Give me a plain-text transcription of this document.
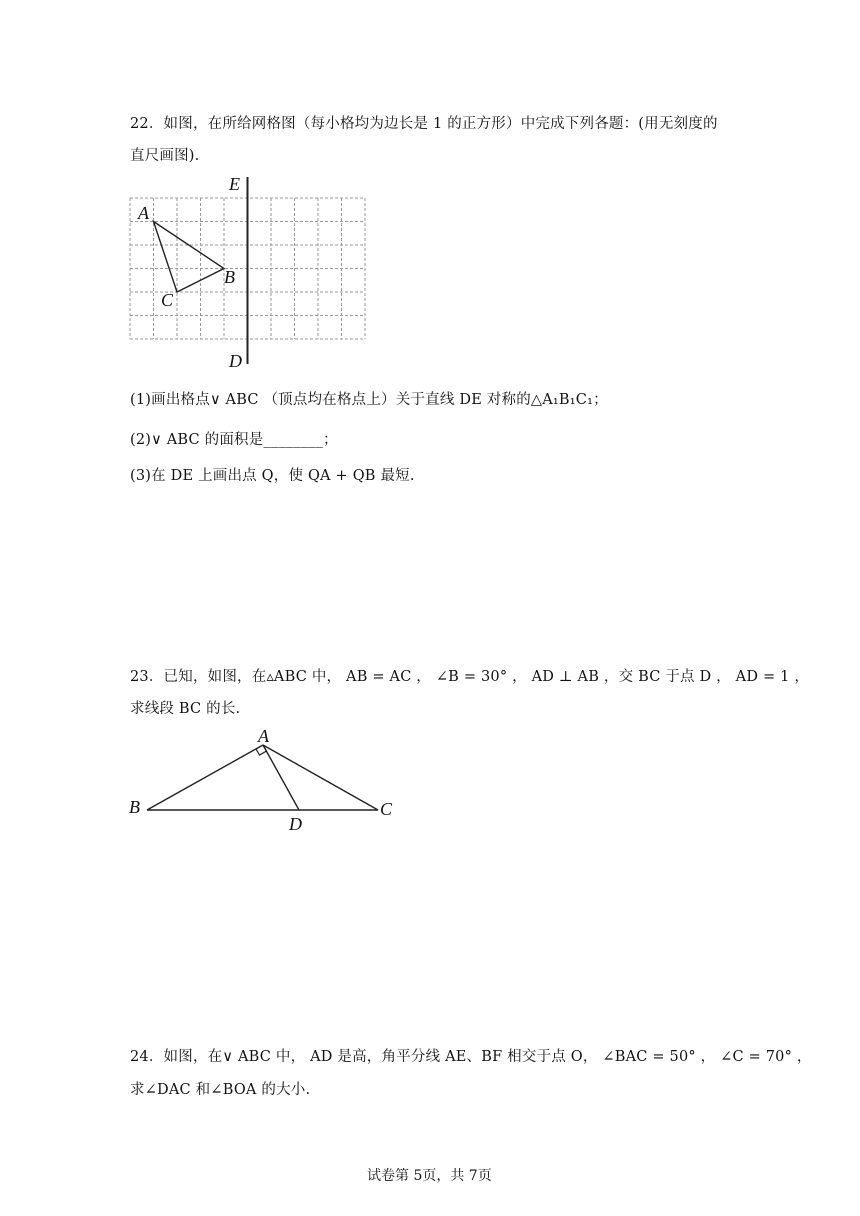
22．如图，在所给网格图（每小格均为边长是 1 的正方形）中完成下列各题：(用无刻度的
直尺画图).
E
D
A
B
C
A
B	C
D
(1)画出格点∨ ABC （顶点均在格点上）关于直线 DE 对称的△A₁B₁C₁；
(2)∨ ABC 的面积是________；
(3)在 DE 上画出点 Q，使 QA + QB 最短.
23．已知，如图，在▵ABC 中， AB = AC ， ∠B = 30° ， AD ⊥ AB ，交 BC 于点 D ， AD = 1 ，
求线段 BC 的长.
24．如图，在∨ ABC 中， AD 是高，角平分线 AE、BF 相交于点 O， ∠BAC = 50° ， ∠C = 70° ，
求∠DAC 和∠BOA 的大小.
试卷第 5页，共 7页
